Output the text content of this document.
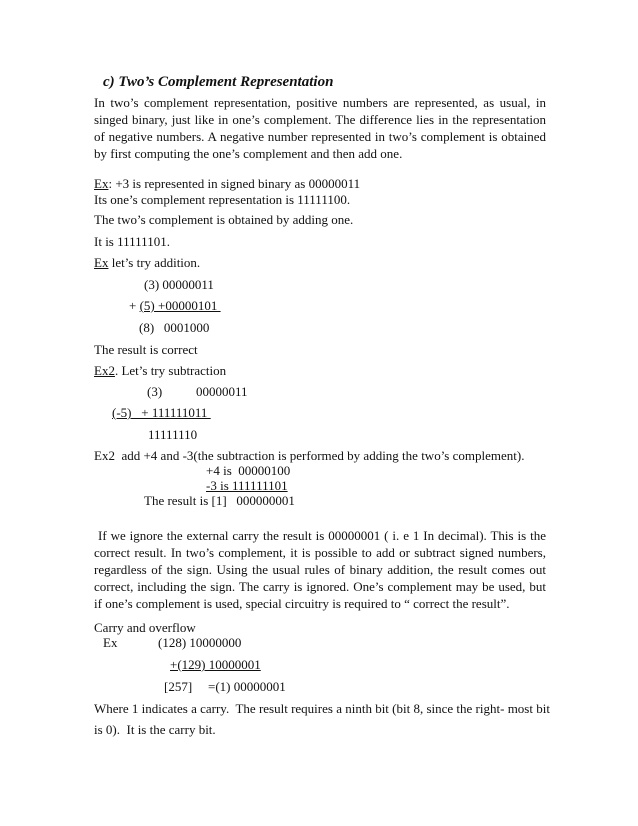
c) Two’s Complement Representation
In two’s complement representation, positive numbers are represented, as usual, in singed binary, just like in one’s complement. The difference lies in the representation of negative numbers. A negative number represented in two’s complement is obtained by first computing the one’s complement and then add one.
Ex: +3 is represented in signed binary as 00000011
Its one’s complement representation is 11111100.
The two’s complement is obtained by adding one.
It is 11111101.
Ex let’s try addition.
(3) 00000011
+ (5) +00000101
(8)   0001000
The result is correct
Ex2. Let’s try subtraction
(3)	00000011
(-5)   + 111111011
11111110
Ex2  add +4 and -3(the subtraction is performed by adding the two’s complement).
+4 is  00000100
-3 is 111111101
The result is [1]   000000001
If we ignore the external carry the result is 00000001 ( i. e 1 In decimal). This is the correct result. In two’s complement, it is possible to add or subtract signed numbers, regardless of the sign. Using the usual rules of binary addition, the result comes out correct, including the sign. The carry is ignored. One’s complement may be used, but if one’s complement is used, special circuitry is required to “ correct the result”.
Carry and overflow
Ex	(128) 10000000
+(129) 10000001
[257] =(1) 00000001
Where 1 indicates a carry.  The result requires a ninth bit (bit 8, since the right- most bit
is 0).  It is the carry bit.
